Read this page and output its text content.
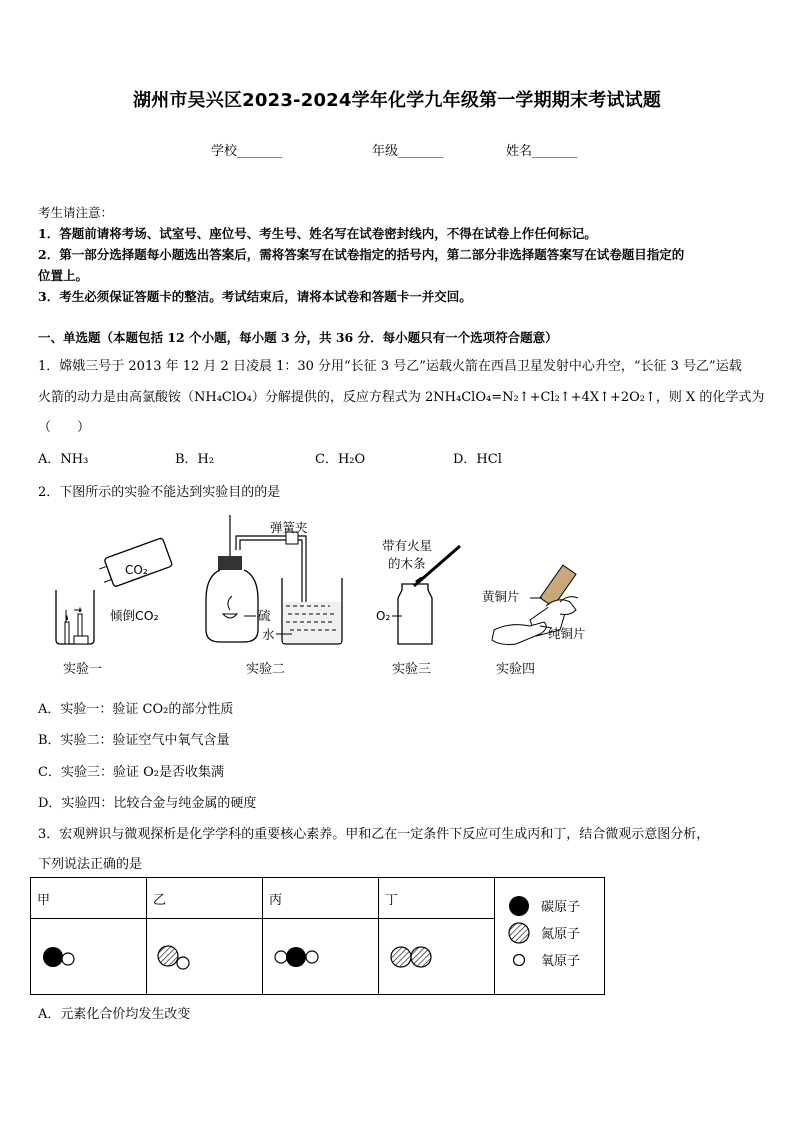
湖州市吴兴区2023-2024学年化学九年级第一学期期末考试试题
学校_______	年级_______	姓名_______
考生请注意：
1．答题前请将考场、试室号、座位号、考生号、姓名写在试卷密封线内，不得在试卷上作任何标记。
2．第一部分选择题每小题选出答案后，需将答案写在试卷指定的括号内，第二部分非选择题答案写在试卷题目指定的
位置上。
3．考生必须保证答题卡的整洁。考试结束后，请将本试卷和答题卡一并交回。
一、单选题（本题包括 12 个小题，每小题 3 分，共 36 分．每小题只有一个选项符合题意）
1．嫦娥三号于 2013 年 12 月 2 日凌晨 1：30 分用“长征 3 号乙”运载火箭在西昌卫星发射中心升空，“长征 3 号乙”运载
火箭的动力是由高氯酸铵（NH₄ClO₄）分解提供的，反应方程式为 2NH₄ClO₄=N₂↑+Cl₂↑+4X↑+2O₂↑，则 X 的化学式为
（　　）
A．NH₃	B．H₂	C．H₂O	D．HCl
2．下图所示的实验不能达到实验目的的是
CO₂
倾倒CO₂
实验一
弹簧夹
硫
水
实验二
带有火星
的木条
O₂
实验三
黄铜片
纯铜片
实验四
A．实验一：验证 CO₂的部分性质
B．实验二：验证空气中氧气含量
C．实验三：验证 O₂是否收集满
D．实验四：比较合金与纯金属的硬度
3．宏观辨识与微观探析是化学学科的重要核心素养。甲和乙在一定条件下反应可生成丙和丁，结合微观示意图分析，
下列说法正确的是
甲	乙	丙	丁	碳原子
氮原子
氧原子

A．元素化合价均发生改变
